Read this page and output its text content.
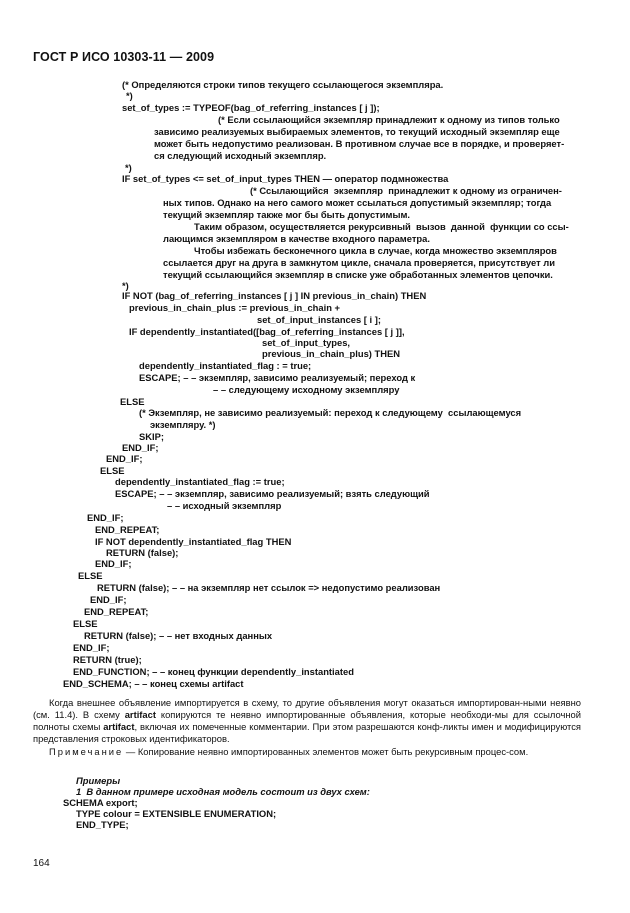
ГОСТ Р ИСО 10303-11 — 2009
(* Определяются строки типов текущего ссылающегося экземпляра.
*)
set_of_types := TYPEOF(bag_of_referring_instances [ j ]);
(* Если ссылающийся экземпляр принадлежит к одному из типов только
зависимо реализуемых выбираемых элементов, то текущий исходный экземпляр еще
может быть недопустимо реализован. В противном случае все в порядке, и проверяет-
ся следующий исходный экземпляр.
*)
IF set_of_types <= set_of_input_types THEN — оператор подмножества
(* Ссылающийся  экземпляр  принадлежит к одному из ограничен-
ных типов. Однако на него самого может ссылаться допустимый экземпляр; тогда
текущий экземпляр также мог бы быть допустимым.
Таким образом, осуществляется рекурсивный  вызов  данной  функции со ссы-
лающимся экземпляром в качестве входного параметра.
Чтобы избежать бесконечного цикла в случае, когда множество экземпляров
ссылается друг на друга в замкнутом цикле, сначала проверяется, присутствует ли
текущий ссылающийся экземпляр в списке уже обработанных элементов цепочки.
*)
IF NOT (bag_of_referring_instances [ j ] IN previous_in_chain) THEN
previous_in_chain_plus := previous_in_chain +
set_of_input_instances [ i ];
IF dependently_instantiated([bag_of_referring_instances [ j ]],
set_of_input_types,
previous_in_chain_plus) THEN
dependently_instantiated_flag : = true;
ESCAPE; – – экземпляр, зависимо реализуемый; переход к
– – следующему исходному экземпляру
ELSE
(* Экземпляр, не зависимо реализуемый: переход к следующему  ссылающемуся
экземпляру. *)
SKIP;
END_IF;
END_IF;
ELSE
dependently_instantiated_flag := true;
ESCAPE; – – экземпляр, зависимо реализуемый; взять следующий
– – исходный экземпляр
END_IF;
END_REPEAT;
IF NOT dependently_instantiated_flag THEN
RETURN (false);
END_IF;
ELSE
RETURN (false); – – на экземпляр нет ссылок => недопустимо реализован
END_IF;
END_REPEAT;
ELSE
RETURN (false); – – нет входных данных
END_IF;
RETURN (true);
END_FUNCTION; – – конец функции dependently_instantiated
END_SCHEMA; – – конец схемы artifact
Когда внешнее объявление импортируется в схему, то другие объявления могут оказаться импортирован-ными неявно (см. 11.4). В схему artifact копируются те неявно импортированные объявления, которые необходи-мы для ссылочной полноты схемы artifact, включая их помеченные комментарии. При этом разрешаются конф-ликты имен и модифицируются представления строковых идентификаторов.
Примечание — Копирование неявно импортированных элементов может быть рекурсивным процес-сом.
Примеры
1  В данном примере исходная модель состоит из двух схем:
SCHEMA export;
TYPE colour = EXTENSIBLE ENUMERATION;
END_TYPE;
164
